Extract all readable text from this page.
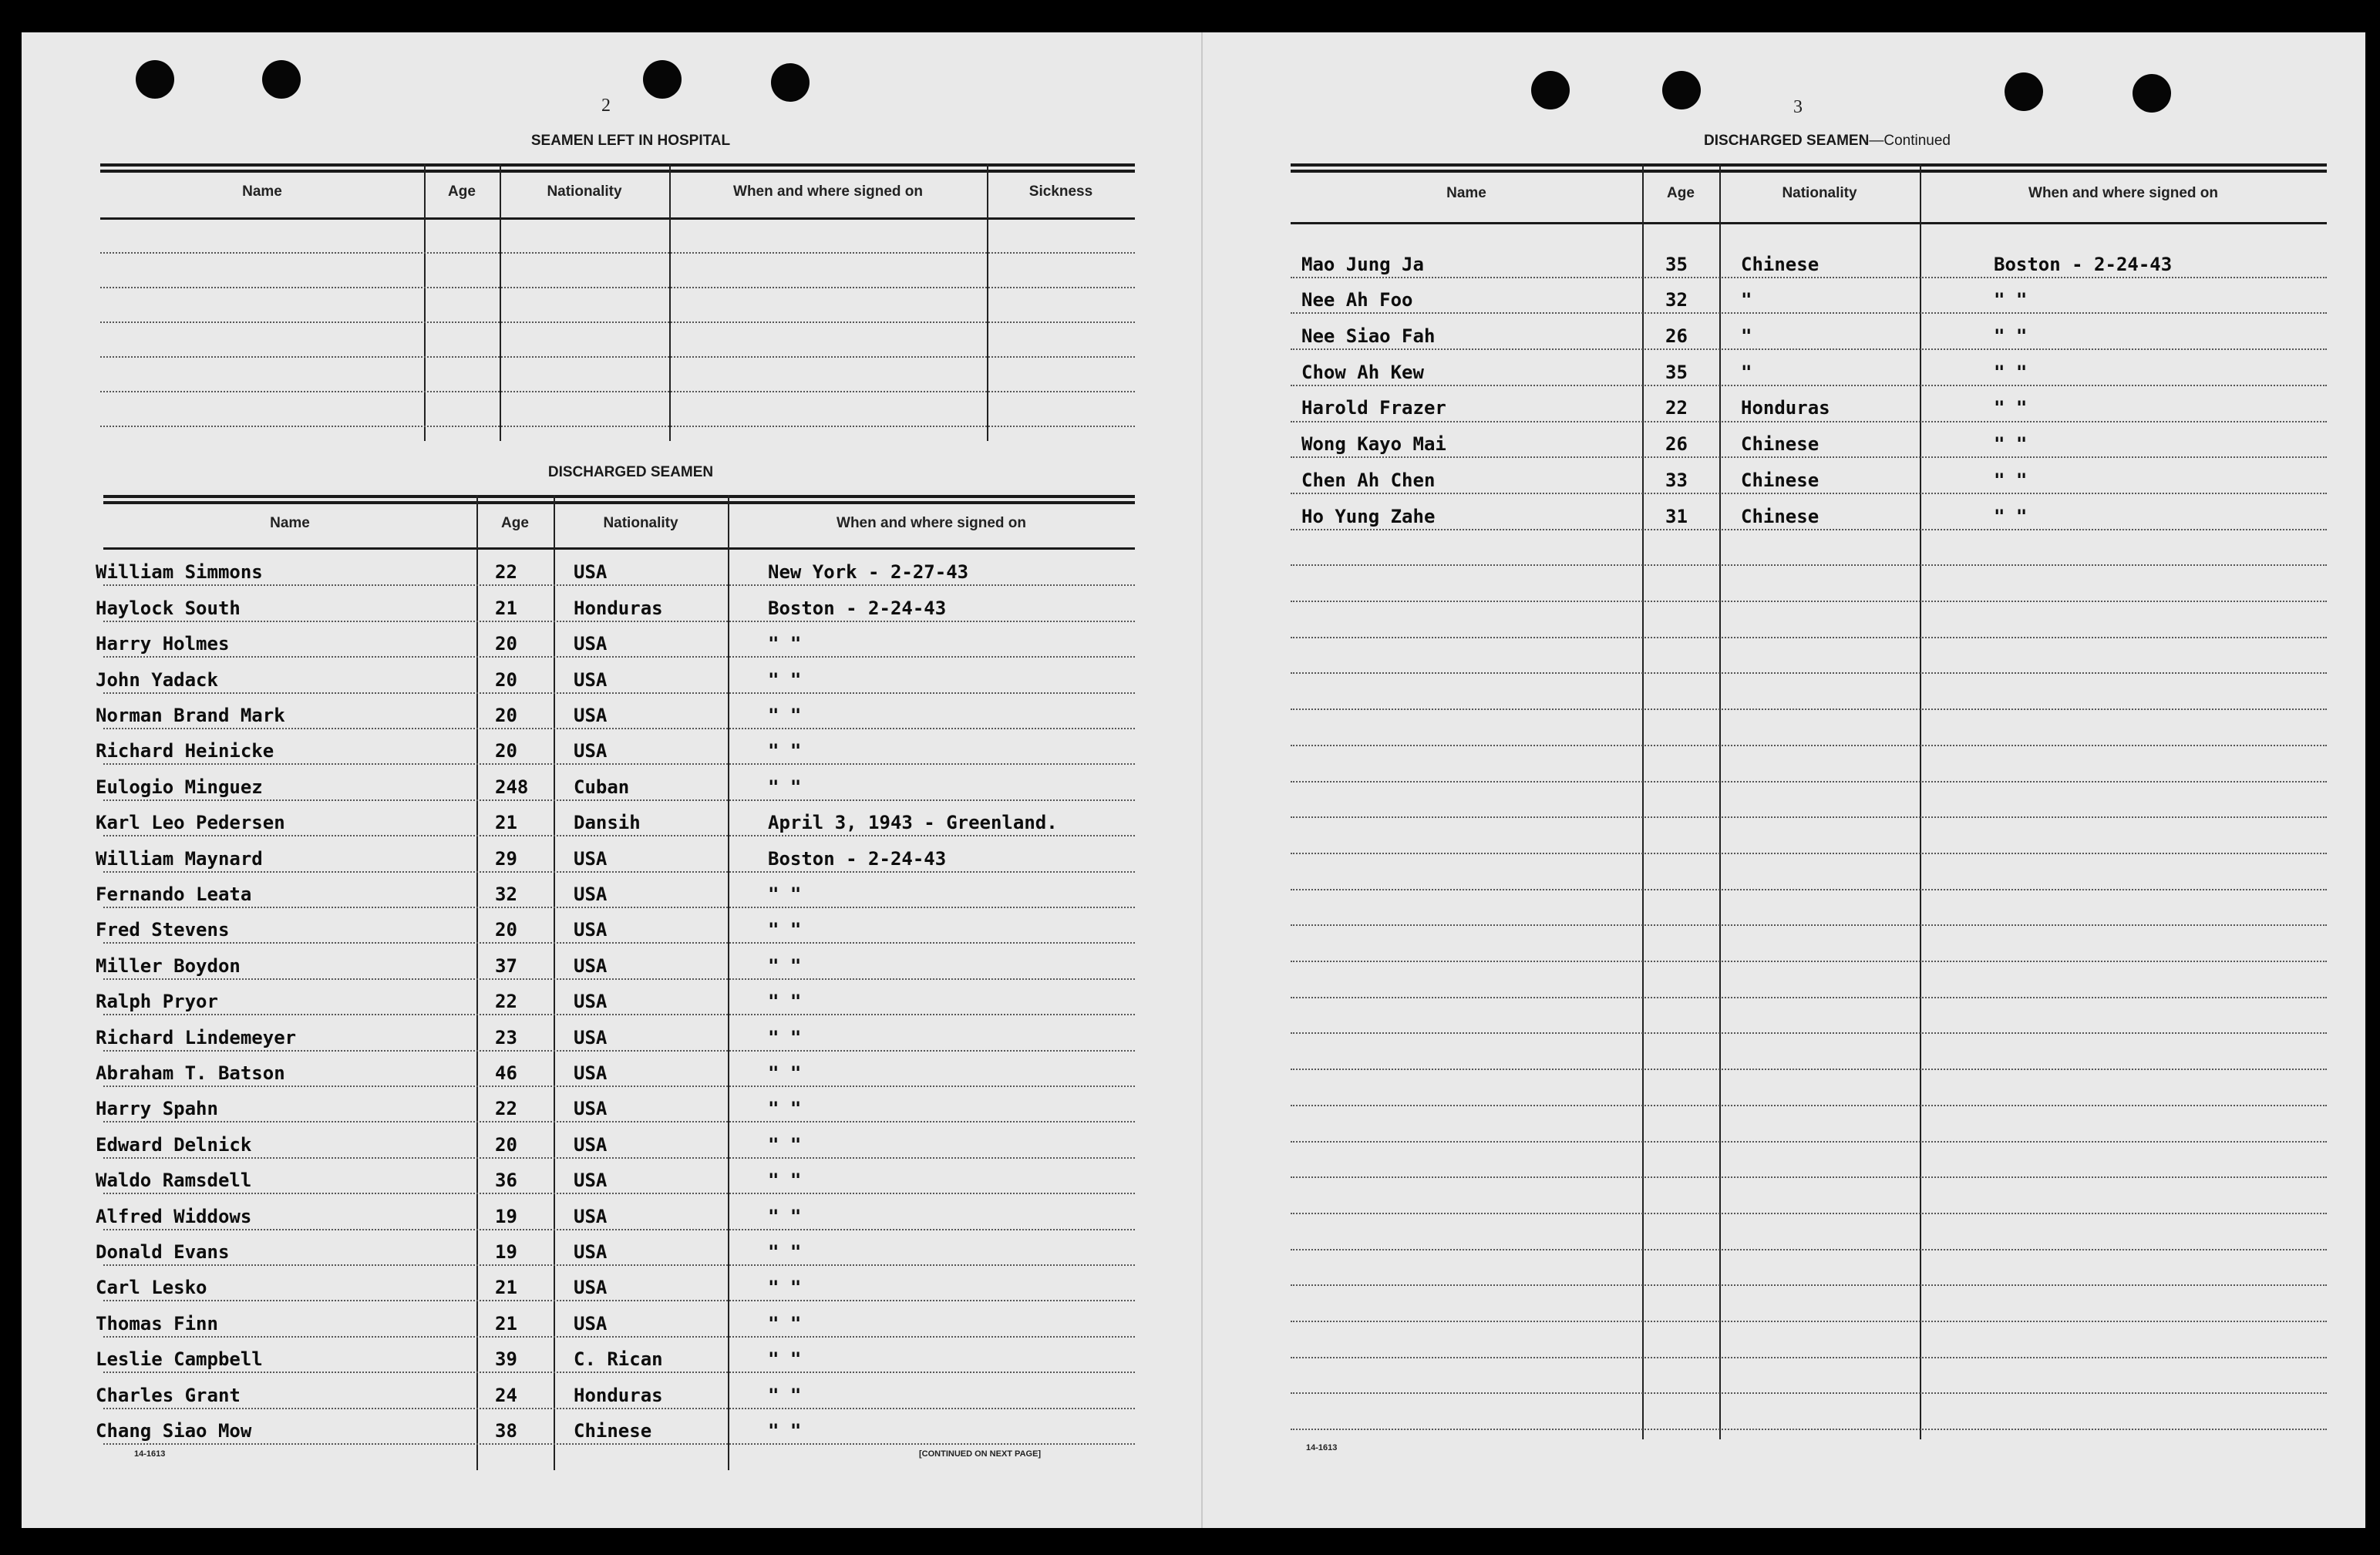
2
SEAMEN LEFT IN HOSPITAL
Name	Age	Nationality	When and where signed on	Sickness
DISCHARGED SEAMEN
Name	Age	Nationality	When and where signed on
William Simmons	22	USA	New York - 2-27-43
Haylock South	21	Honduras	Boston - 2-24-43
Harry Holmes	20	USA	" "
John Yadack	20	USA	" "
Norman Brand Mark	20	USA	" "
Richard Heinicke	20	USA	" "
Eulogio Minguez	248 Cuban	" "
Karl Leo Pedersen	21	Dansih	April 3, 1943 - Greenland.
William Maynard	29	USA	Boston - 2-24-43
Fernando Leata	32	USA	" "
Fred Stevens	20	USA	" "
Miller Boydon	37	USA	" "
Ralph Pryor	22	USA	" "
Richard Lindemeyer	23	USA	" "
Abraham T. Batson	46	USA	" "
Harry Spahn	22	USA	" "
Edward Delnick	20	USA	" "
Waldo Ramsdell	36	USA	" "
Alfred Widdows	19	USA	" "
Donald Evans	19	USA	" "
Carl Lesko	21	USA	" "
Thomas Finn	21	USA	" "
Leslie Campbell	39	C. Rican	" "
Charles Grant	24	Honduras	" "
Chang Siao Mow	38	Chinese	" "
14-1613	[CONTINUED ON NEXT PAGE]
3
DISCHARGED SEAMEN—Continued
Name	Age	Nationality	When and where signed on
Mao Jung Ja	35	Chinese	Boston - 2-24-43
Nee Ah Foo	32	"	" "
Nee Siao Fah	26	"	" "
Chow Ah Kew	35	"	" "
Harold Frazer	22	Honduras	" "
Wong Kayo Mai	26	Chinese	" "
Chen Ah Chen	33	Chinese	" "
Ho Yung Zahe	31	Chinese	" "
14-1613
